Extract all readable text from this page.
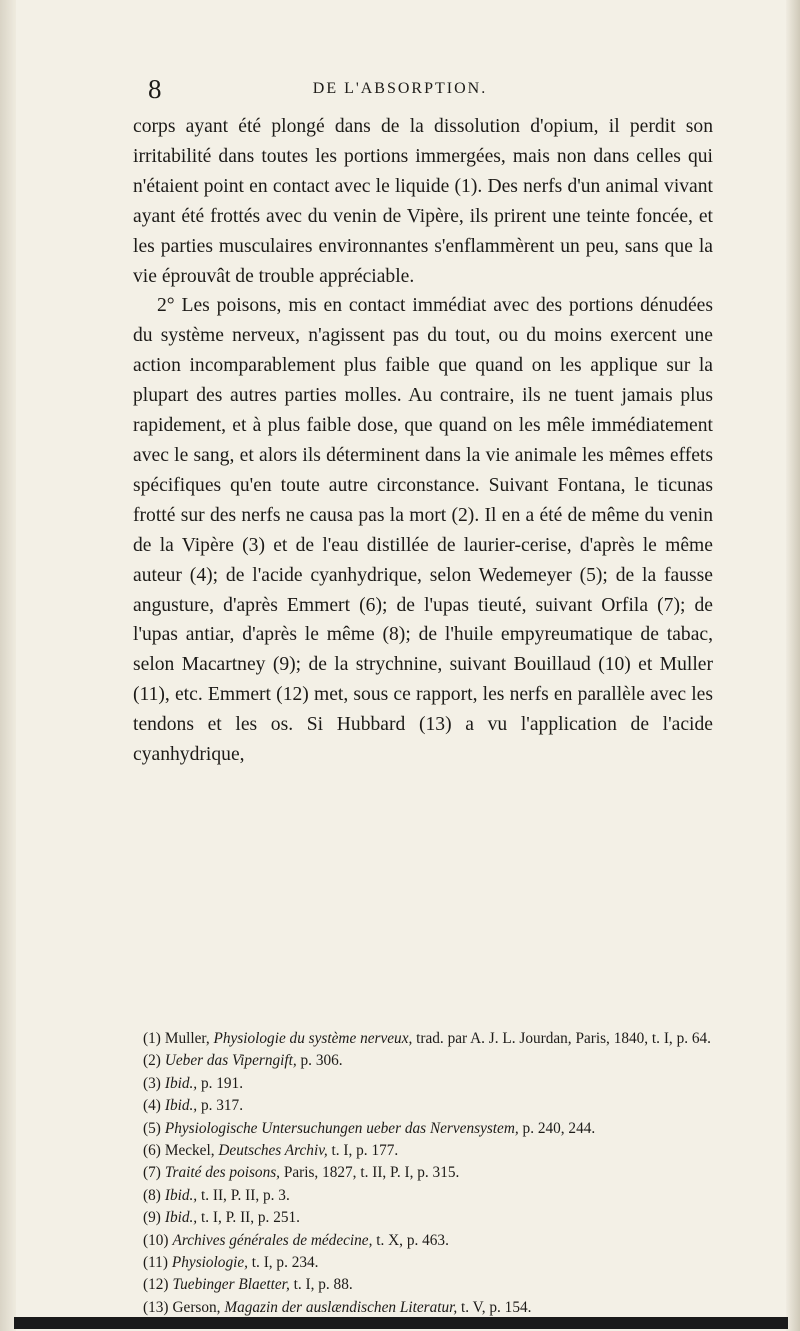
8	DE L'ABSORPTION.

corps ayant été plongé dans de la dissolution d'opium, il perdit son irritabilité dans toutes les portions immergées, mais non dans celles qui n'étaient point en contact avec le liquide (1). Des nerfs d'un animal vivant ayant été frottés avec du venin de Vipère, ils prirent une teinte foncée, et les parties musculaires environnantes s'enflammèrent un peu, sans que la vie éprouvât de trouble appréciable.

2° Les poisons, mis en contact immédiat avec des portions dénudées du système nerveux, n'agissent pas du tout, ou du moins exercent une action incomparablement plus faible que quand on les applique sur la plupart des autres parties molles. Au contraire, ils ne tuent jamais plus rapidement, et à plus faible dose, que quand on les mêle immédiatement avec le sang, et alors ils déterminent dans la vie animale les mêmes effets spécifiques qu'en toute autre circonstance. Suivant Fontana, le ticunas frotté sur des nerfs ne causa pas la mort (2). Il en a été de même du venin de la Vipère (3) et de l'eau distillée de laurier-cerise, d'après le même auteur (4); de l'acide cyanhydrique, selon Wedemeyer (5); de la fausse angusture, d'après Emmert (6); de l'upas tieuté, suivant Orfila (7); de l'upas antiar, d'après le même (8); de l'huile empyreumatique de tabac, selon Macartney (9); de la strychnine, suivant Bouillaud (10) et Muller (11), etc. Emmert (12) met, sous ce rapport, les nerfs en parallèle avec les tendons et les os. Si Hubbard (13) a vu l'application de l'acide cyanhydrique,

(1) Muller, Physiologie du système nerveux, trad. par A. J. L. Jourdan, Paris, 1840, t. I, p. 64.
(2) Ueber das Viperngift, p. 306.
(3) Ibid., p. 191.
(4) Ibid., p. 317.
(5) Physiologische Untersuchungen ueber das Nervensystem, p. 240, 244.
(6) Meckel, Deutsches Archiv, t. I, p. 177.
(7) Traité des poisons, Paris, 1827, t. II, P. I, p. 315.
(8) Ibid., t. II, P. II, p. 3.
(9) Ibid., t. I, P. II, p. 251.
(10) Archives générales de médecine, t. X, p. 463.
(11) Physiologie, t. I, p. 234.
(12) Tuebinger Blaetter, t. I, p. 88.
(13) Gerson, Magazin der auslændischen Literatur, t. V, p. 154.
